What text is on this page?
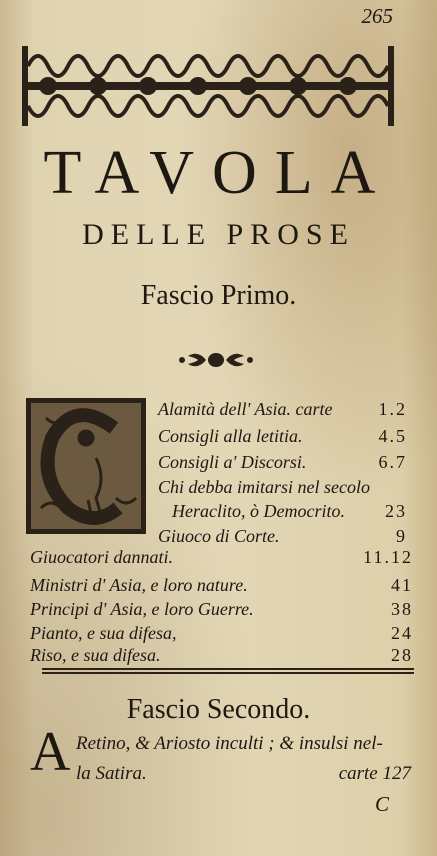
265
TAVOLA
DELLE PROSE
Fascio Primo.
Alamità dell' Asia. carte	1.2
Consigli alla letitia.	4.5
Consigli a' Discorsi.	6.7
Chi debba imitarsi nel secolo
Heraclito, ò Democrito. 23
Giuoco di Corte.	9
Giuocatori dannati.	11.12
Ministri d' Asia, e loro nature.	41
Principi d' Asia, e loro Guerre.	38
Pianto, e sua difesa,	24
Riso, e sua difesa.	28
Fascio Secondo.
A Retino, & Ariosto inculti ; & insulsi nel-
la Satira.	carte 127
C
